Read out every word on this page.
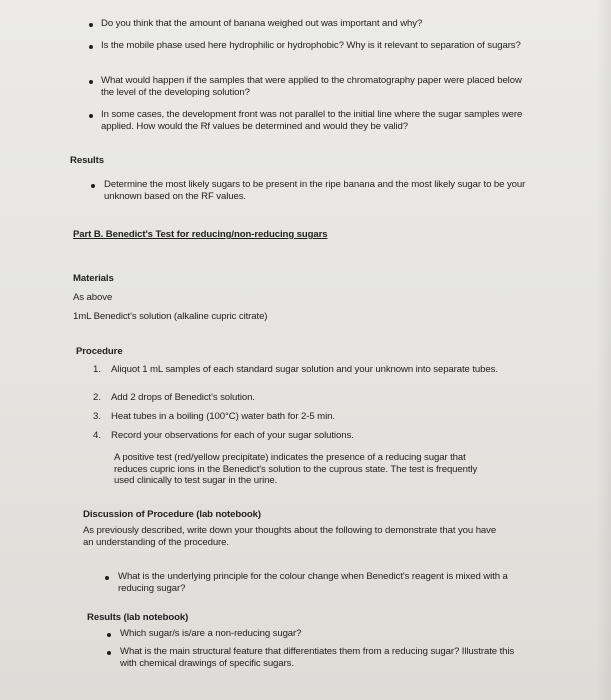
Do you think that the amount of banana weighed out was important and why?
Is the mobile phase used here hydrophilic or hydrophobic? Why is it relevant to separation of sugars?
What would happen if the samples that were applied to the chromatography paper were placed below the level of the developing solution?
In some cases, the development front was not parallel to the initial line where the sugar samples were applied. How would the Rf values be determined and would they be valid?
Results
Determine the most likely sugars to be present in the ripe banana and the most likely sugar to be your unknown based on the RF values.
Part B. Benedict's Test for reducing/non-reducing sugars
Materials
As above
1mL Benedict's solution (alkaline cupric citrate)
Procedure
1. Aliquot 1 mL samples of each standard sugar solution and your unknown into separate tubes.
2. Add 2 drops of Benedict's solution.
3. Heat tubes in a boiling (100°C) water bath for 2-5 min.
4. Record your observations for each of your sugar solutions.
A positive test (red/yellow precipitate) indicates the presence of a reducing sugar that reduces cupric ions in the Benedict's solution to the cuprous state. The test is frequently used clinically to test sugar in the urine.
Discussion of Procedure (lab notebook)
As previously described, write down your thoughts about the following to demonstrate that you have an understanding of the procedure.
What is the underlying principle for the colour change when Benedict's reagent is mixed with a reducing sugar?
Results (lab notebook)
Which sugar/s is/are a non-reducing sugar?
What is the main structural feature that differentiates them from a reducing sugar? Illustrate this with chemical drawings of specific sugars.
